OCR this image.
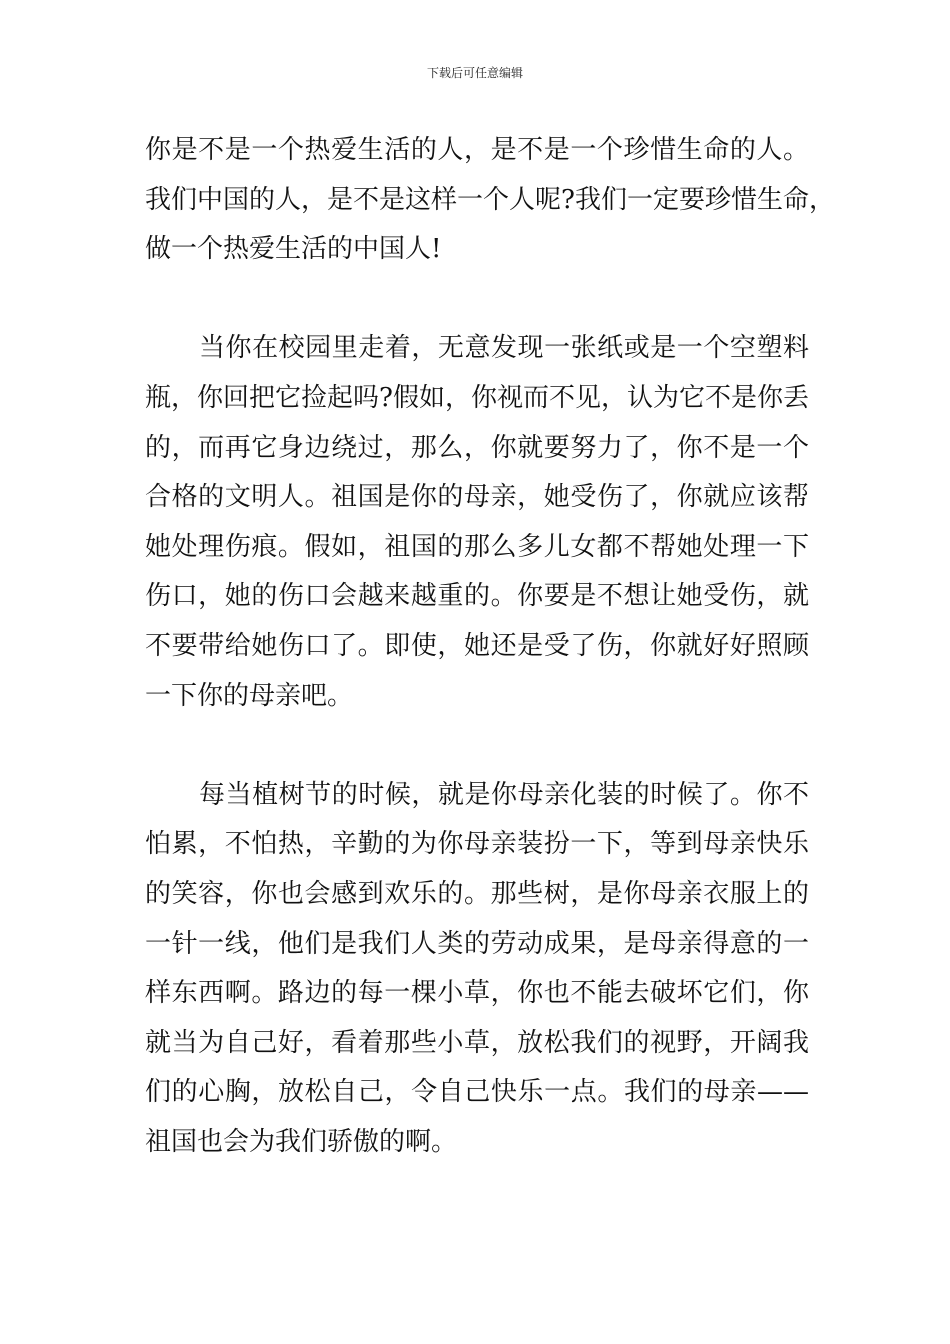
下载后可任意编辑
你是不是一个热爱生活的人，是不是一个珍惜生命的人。
我们中国的人，是不是这样一个人呢?我们一定要珍惜生命，
做一个热爱生活的中国人!
当你在校园里走着，无意发现一张纸或是一个空塑料
瓶，你回把它捡起吗?假如，你视而不见，认为它不是你丢
的，而再它身边绕过，那么，你就要努力了，你不是一个
合格的文明人。祖国是你的母亲，她受伤了，你就应该帮
她处理伤痕。假如，祖国的那么多儿女都不帮她处理一下
伤口，她的伤口会越来越重的。你要是不想让她受伤，就
不要带给她伤口了。即使，她还是受了伤，你就好好照顾
一下你的母亲吧。
每当植树节的时候，就是你母亲化装的时候了。你不
怕累，不怕热，辛勤的为你母亲装扮一下，等到母亲快乐
的笑容，你也会感到欢乐的。那些树，是你母亲衣服上的
一针一线，他们是我们人类的劳动成果，是母亲得意的一
样东西啊。路边的每一棵小草，你也不能去破坏它们，你
就当为自己好，看着那些小草，放松我们的视野，开阔我
们的心胸，放松自己，令自己快乐一点。我们的母亲——
祖国也会为我们骄傲的啊。
